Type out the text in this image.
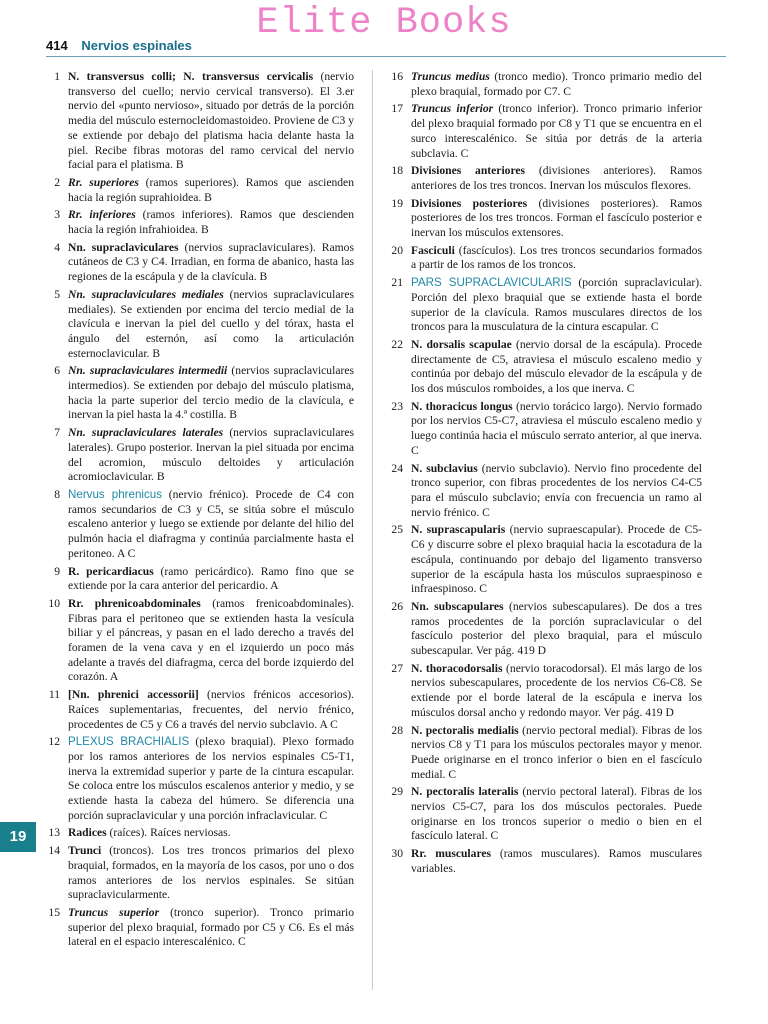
Elite Books
414 Nervios espinales
1 N. transversus colli; N. transversus cervicalis (nervio transverso del cuello; nervio cervical transverso). El 3.er nervio del «punto nervioso», situado por detrás de la porción media del músculo esternocleidomastoideo. Proviene de C3 y se extiende por debajo del platisma hacia delante hasta la piel. Recibe fibras motoras del ramo cervical del nervio facial para el platisma. B
2 Rr. superiores (ramos superiores). Ramos que ascienden hacia la región suprahioidea. B
3 Rr. inferiores (ramos inferiores). Ramos que descienden hacia la región infrahioidea. B
4 Nn. supraclaviculares (nervios supraclaviculares). Ramos cutáneos de C3 y C4. Irradian, en forma de abanico, hasta las regiones de la escápula y de la clavícula. B
5 Nn. supraclaviculares mediales (nervios supraclaviculares mediales). Se extienden por encima del tercio medial de la clavícula e inervan la piel del cuello y del tórax, hasta el ángulo del esternón, así como la articulación esternoclavicular. B
6 Nn. supraclaviculares intermedii (nervios supraclaviculares intermedios). Se extienden por debajo del músculo platisma, hacia la parte superior del tercio medio de la clavícula, e inervan la piel hasta la 4.ª costilla. B
7 Nn. supraclaviculares laterales (nervios supraclaviculares laterales). Grupo posterior. Inervan la piel situada por encima del acromion, músculo deltoides y articulación acromioclavicular. B
8 Nervus phrenicus (nervio frénico). Procede de C4 con ramos secundarios de C3 y C5, se sitúa sobre el músculo escaleno anterior y luego se extiende por delante del hilio del pulmón hacia el diafragma y continúa parcialmente hasta el peritoneo. A C
9 R. pericardiacus (ramo pericárdico). Ramo fino que se extiende por la cara anterior del pericardio. A
10 Rr. phrenicoabdominales (ramos frenicoabdominales). Fibras para el peritoneo que se extienden hasta la vesícula biliar y el páncreas, y pasan en el lado derecho a través del foramen de la vena cava y en el izquierdo un poco más adelante a través del diafragma, cerca del borde izquierdo del corazón. A
11 [Nn. phrenici accessorii] (nervios frénicos accesorios). Raíces suplementarias, frecuentes, del nervio frénico, procedentes de C5 y C6 a través del nervio subclavio. A C
12 PLEXUS BRACHIALIS (plexo braquial). Plexo formado por los ramos anteriores de los nervios espinales C5-T1, inerva la extremidad superior y parte de la cintura escapular. Se coloca entre los músculos escalenos anterior y medio, y se extiende hasta la cabeza del húmero. Se diferencia una porción supraclavicular y una porción infraclavicular. C
13 Radices (raíces). Raíces nerviosas.
14 Trunci (troncos). Los tres troncos primarios del plexo braquial, formados, en la mayoría de los casos, por uno o dos ramos anteriores de los nervios espinales. Se sitúan supraclavicularmente.
15 Truncus superior (tronco superior). Tronco primario superior del plexo braquial, formado por C5 y C6. Es el más lateral en el espacio interescalénico. C
16 Truncus medius (tronco medio). Tronco primario medio del plexo braquial, formado por C7. C
17 Truncus inferior (tronco inferior). Tronco primario inferior del plexo braquial formado por C8 y T1 que se encuentra en el surco interescalénico. Se sitúa por detrás de la arteria subclavia. C
18 Divisiones anteriores (divisiones anteriores). Ramos anteriores de los tres troncos. Inervan los músculos flexores.
19 Divisiones posteriores (divisiones posteriores). Ramos posteriores de los tres troncos. Forman el fascículo posterior e inervan los músculos extensores.
20 Fasciculi (fascículos). Los tres troncos secundarios formados a partir de los ramos de los troncos.
21 PARS SUPRACLAVICULARIS (porción supraclavicular). Porción del plexo braquial que se extiende hasta el borde superior de la clavícula. Ramos musculares directos de los troncos para la musculatura de la cintura escapular. C
22 N. dorsalis scapulae (nervio dorsal de la escápula). Procede directamente de C5, atraviesa el músculo escaleno medio y continúa por debajo del músculo elevador de la escápula y de los dos músculos romboides, a los que inerva. C
23 N. thoracicus longus (nervio torácico largo). Nervio formado por los nervios C5-C7, atraviesa el músculo escaleno medio y luego continúa hacia el músculo serrato anterior, al que inerva. C
24 N. subclavius (nervio subclavio). Nervio fino procedente del tronco superior, con fibras procedentes de los nervios C4-C5 para el músculo subclavio; envía con frecuencia un ramo al nervio frénico. C
25 N. suprascapularis (nervio supraescapular). Procede de C5-C6 y discurre sobre el plexo braquial hacia la escotadura de la escápula, continuando por debajo del ligamento transverso superior de la escápula hasta los músculos supraespinoso e infraespinoso. C
26 Nn. subscapulares (nervios subescapulares). De dos a tres ramos procedentes de la porción supraclavicular o del fascículo posterior del plexo braquial, para el músculo subescapular. Ver pág. 419 D
27 N. thoracodorsalis (nervio toracodorsal). El más largo de los nervios subescapulares, procedente de los nervios C6-C8. Se extiende por el borde lateral de la escápula e inerva los músculos dorsal ancho y redondo mayor. Ver pág. 419 D
28 N. pectoralis medialis (nervio pectoral medial). Fibras de los nervios C8 y T1 para los músculos pectorales mayor y menor. Puede originarse en el tronco inferior o bien en el fascículo medial. C
29 N. pectoralis lateralis (nervio pectoral lateral). Fibras de los nervios C5-C7, para los dos músculos pectorales. Puede originarse en los troncos superior o medio o bien en el fascículo lateral. C
30 Rr. musculares (ramos musculares). Ramos musculares variables.
19
